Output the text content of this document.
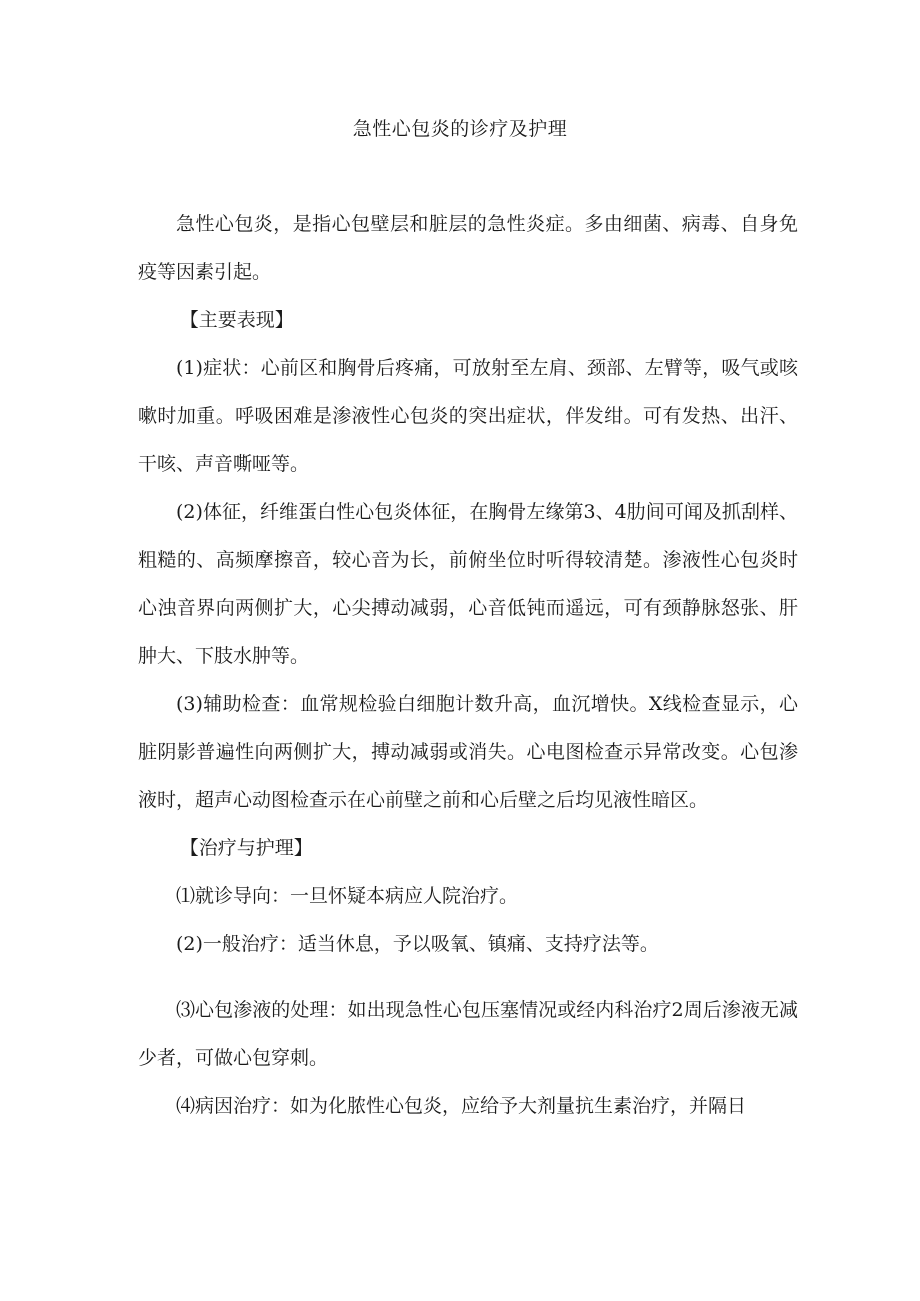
急性心包炎的诊疗及护理

急性心包炎，是指心包壁层和脏层的急性炎症。多由细菌、病毒、自身免疫等因素引起。

【主要表现】

(1)症状：心前区和胸骨后疼痛，可放射至左肩、颈部、左臂等，吸气或咳嗽时加重。呼吸困难是渗液性心包炎的突出症状，伴发绀。可有发热、出汗、干咳、声音嘶哑等。

(2)体征，纤维蛋白性心包炎体征，在胸骨左缘第3、4肋间可闻及抓刮样、粗糙的、高频摩擦音，较心音为长，前俯坐位时听得较清楚。渗液性心包炎时心浊音界向两侧扩大，心尖搏动减弱，心音低钝而遥远，可有颈静脉怒张、肝肿大、下肢水肿等。

(3)辅助检查：血常规检验白细胞计数升高，血沉增快。X线检查显示，心脏阴影普遍性向两侧扩大，搏动减弱或消失。心电图检查示异常改变。心包渗液时，超声心动图检查示在心前壁之前和心后壁之后均见液性暗区。

【治疗与护理】

⑴就诊导向：一旦怀疑本病应人院治疗。

(2)一般治疗：适当休息，予以吸氧、镇痛、支持疗法等。

⑶心包渗液的处理：如出现急性心包压塞情况或经内科治疗2周后渗液无减少者，可做心包穿刺。

⑷病因治疗：如为化脓性心包炎，应给予大剂量抗生素治疗，并隔日
